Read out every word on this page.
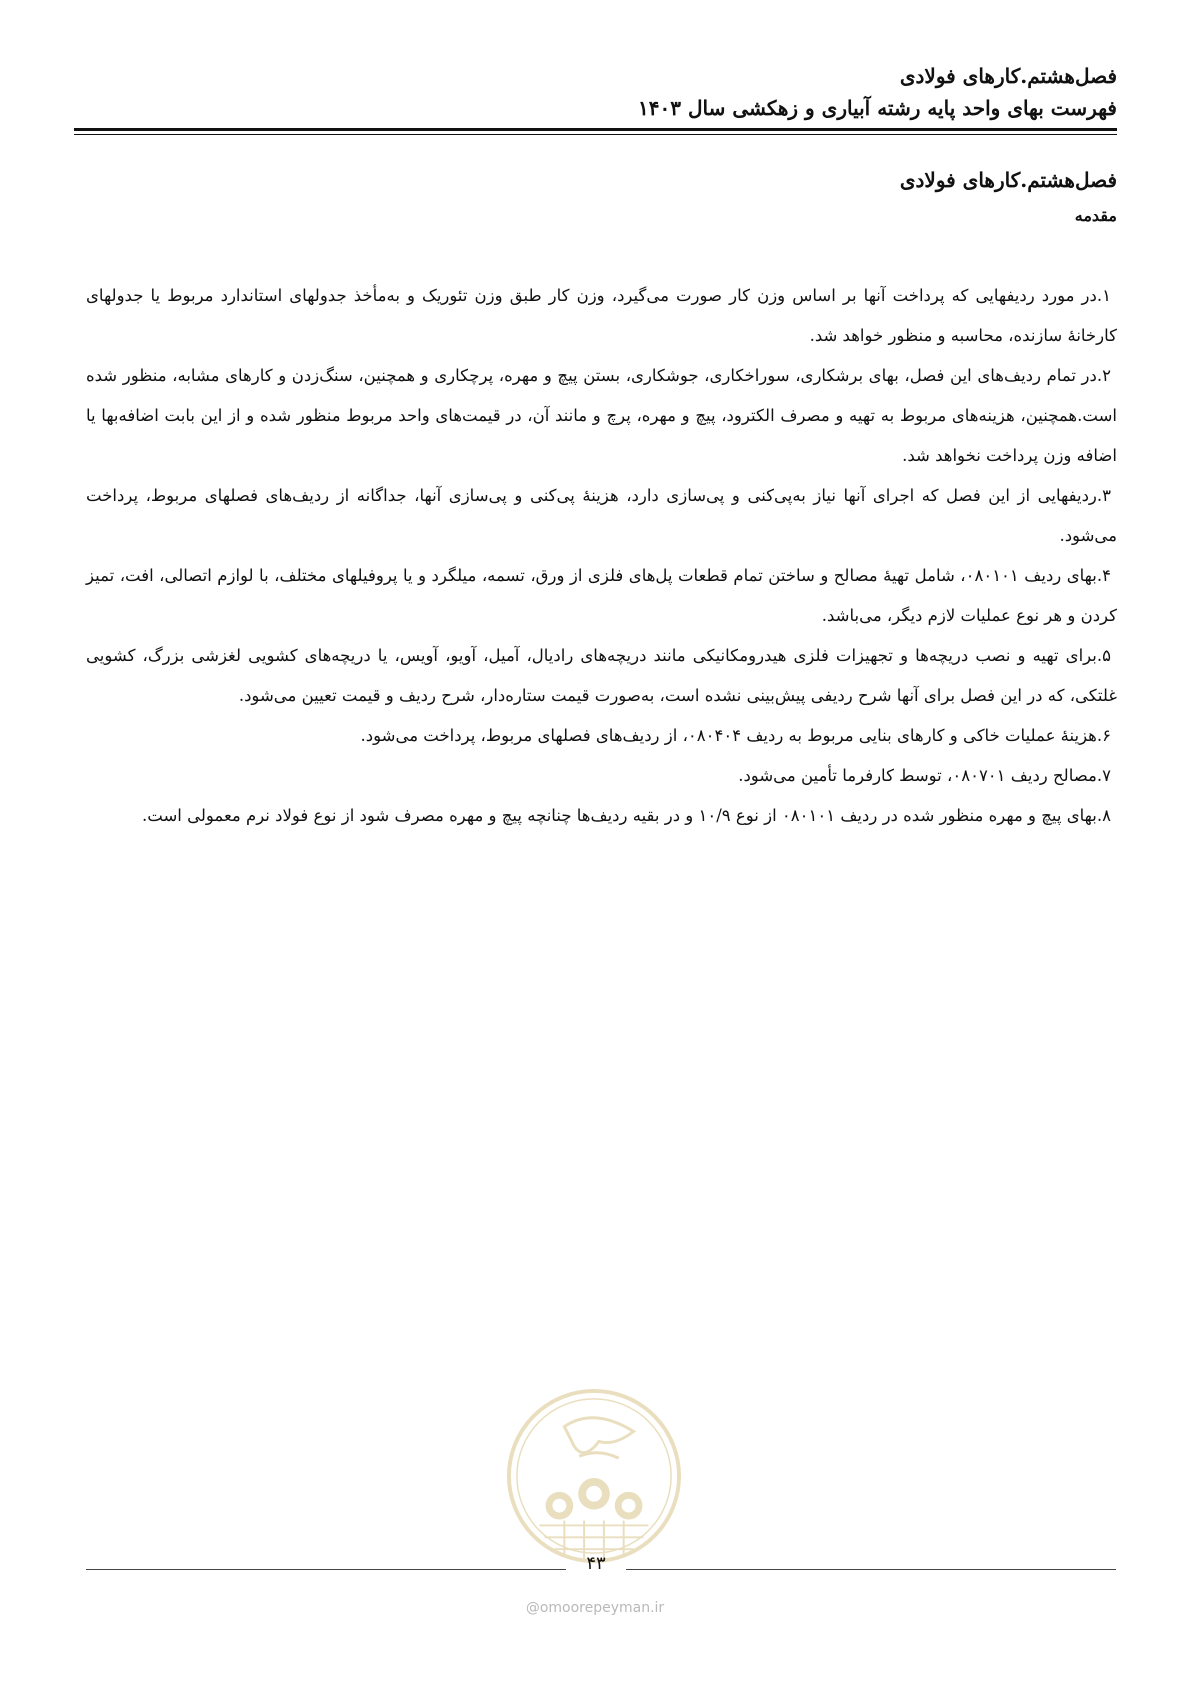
فصل‌هشتم.کارهای فولادی
فهرست بهای واحد پایه رشته آبیاری و زهکشی سال ۱۴۰۳
فصل‌هشتم.کارهای فولادی
مقدمه

۱.در مورد ردیفهایی که پرداخت آنها بر اساس وزن کار صورت می‌گیرد، وزن کار طبق وزن تئوریک و به‌مأخذ جدولهای استاندارد مربوط یا جدولهای کارخانهٔ سازنده، محاسبه و منظور خواهد شد.

۲.در تمام ردیف‌های این فصل، بهای برشکاری، سوراخکاری، جوشکاری، بستن پیچ و مهره، پرچکاری و همچنین، سنگ‌زدن و کارهای مشابه، منظور شده است.همچنین، هزینه‌های مربوط به تهیه و مصرف الکترود، پیچ و مهره، پرچ و مانند آن، در قیمت‌های واحد مربوط منظور شده و از این بابت اضافه‌بها یا اضافه وزن پرداخت نخواهد شد.

۳.ردیفهایی از این فصل که اجرای آنها نیاز به‌پی‌کنی و پی‌سازی دارد، هزینهٔ پی‌کنی و پی‌سازی آنها، جداگانه از ردیف‌های فصلهای مربوط، پرداخت می‌شود.

۴.بهای ردیف ۰۸۰۱۰۱، شامل تهیهٔ مصالح و ساختن تمام قطعات پل‌های فلزی از ورق، تسمه، میلگرد و یا پروفیلهای مختلف، با لوازم اتصالی، افت، تمیز کردن و هر نوع عملیات لازم دیگر، می‌باشد.

۵.برای تهیه و نصب دریچه‌ها و تجهیزات فلزی هیدرومکانیکی مانند دریچه‌های رادیال، آمیل، آویو، آویس، یا دریچه‌های کشویی لغزشی بزرگ، کشویی غلتکی، که در این فصل برای آنها شرح ردیفی پیش‌بینی نشده است، به‌صورت قیمت ستاره‌دار، شرح ردیف و قیمت تعیین می‌شود.

۶.هزینهٔ عملیات خاکی و کارهای بنایی مربوط به ردیف ۰۸۰۴۰۴، از ردیف‌های فصلهای مربوط، پرداخت می‌شود.

۷.مصالح ردیف ۰۸۰۷۰۱، توسط کارفرما تأمین می‌شود.

۸.بهای پیچ و مهره منظور شده در ردیف ۰۸۰۱۰۱ از نوع ۱۰/۹ و در بقیه ردیف‌ها چنانچه پیچ و مهره مصرف شود از نوع فولاد نرم معمولی است.

۴۳
@omoorepeyman.ir
